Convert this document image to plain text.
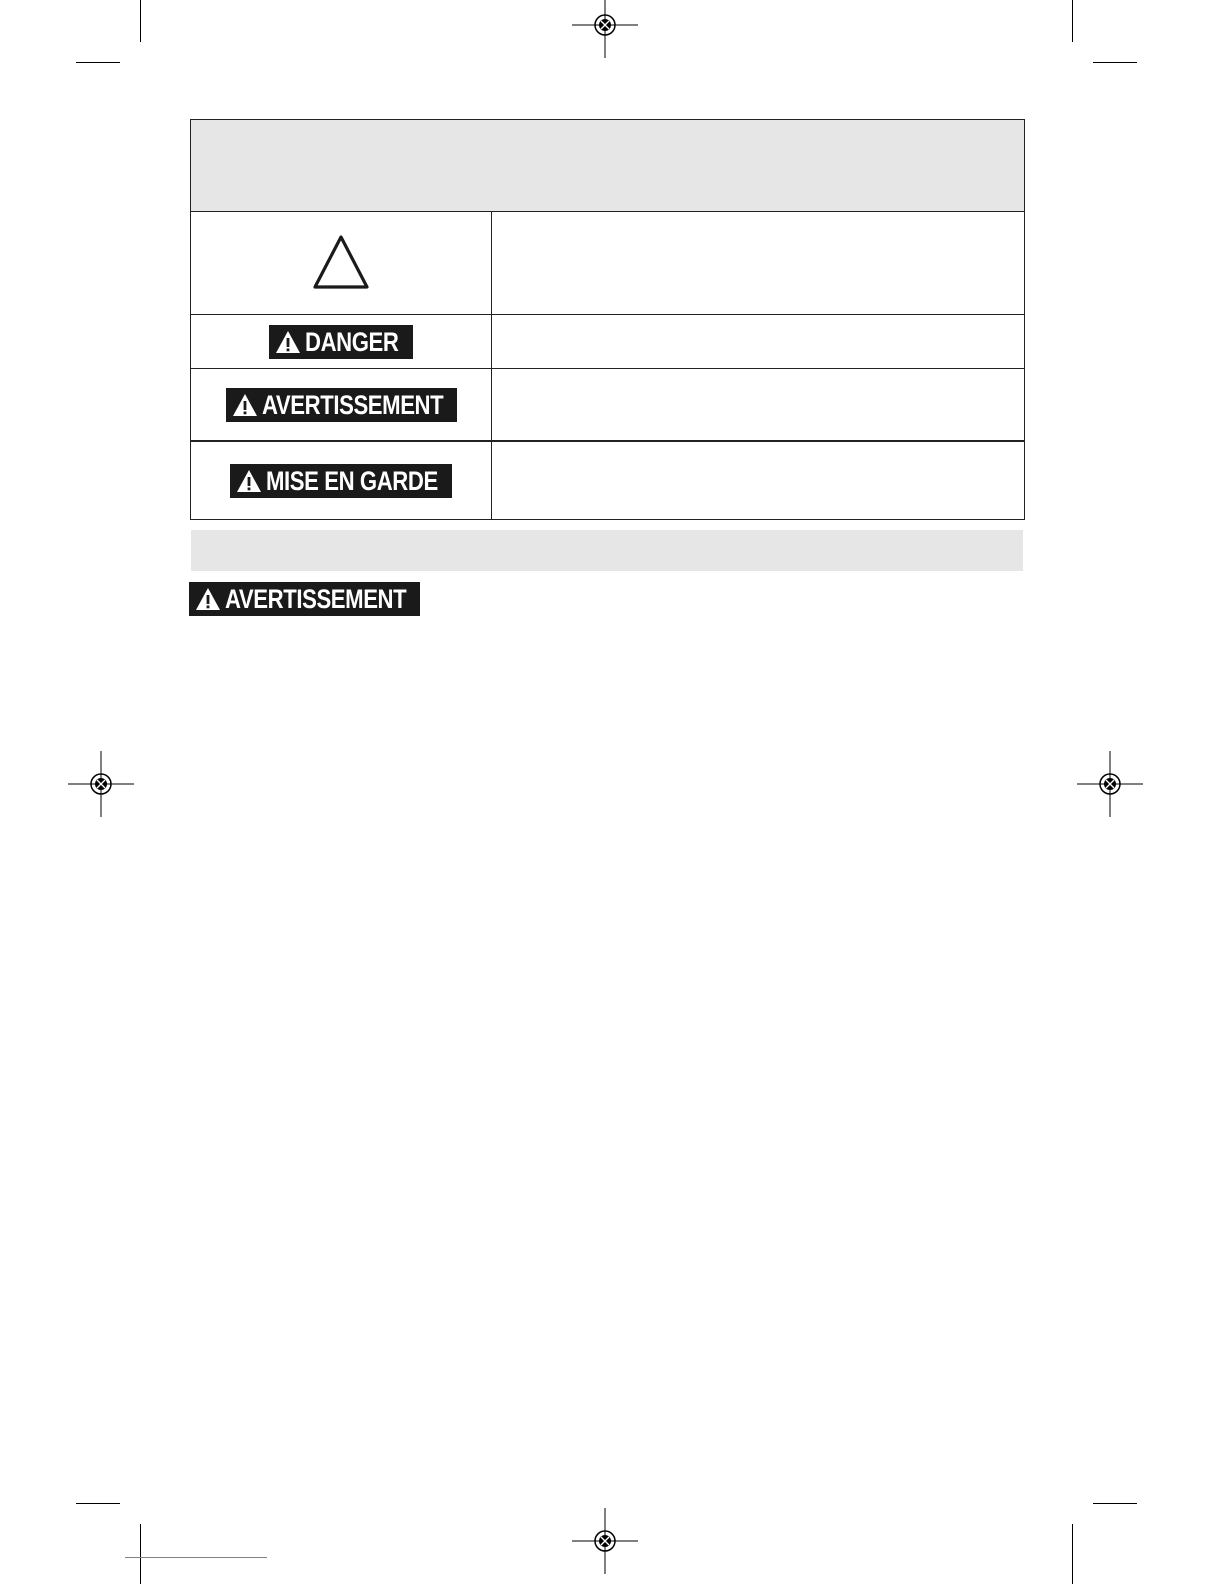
DANGER
AVERTISSEMENT
MISE EN GARDE
AVERTISSEMENT
